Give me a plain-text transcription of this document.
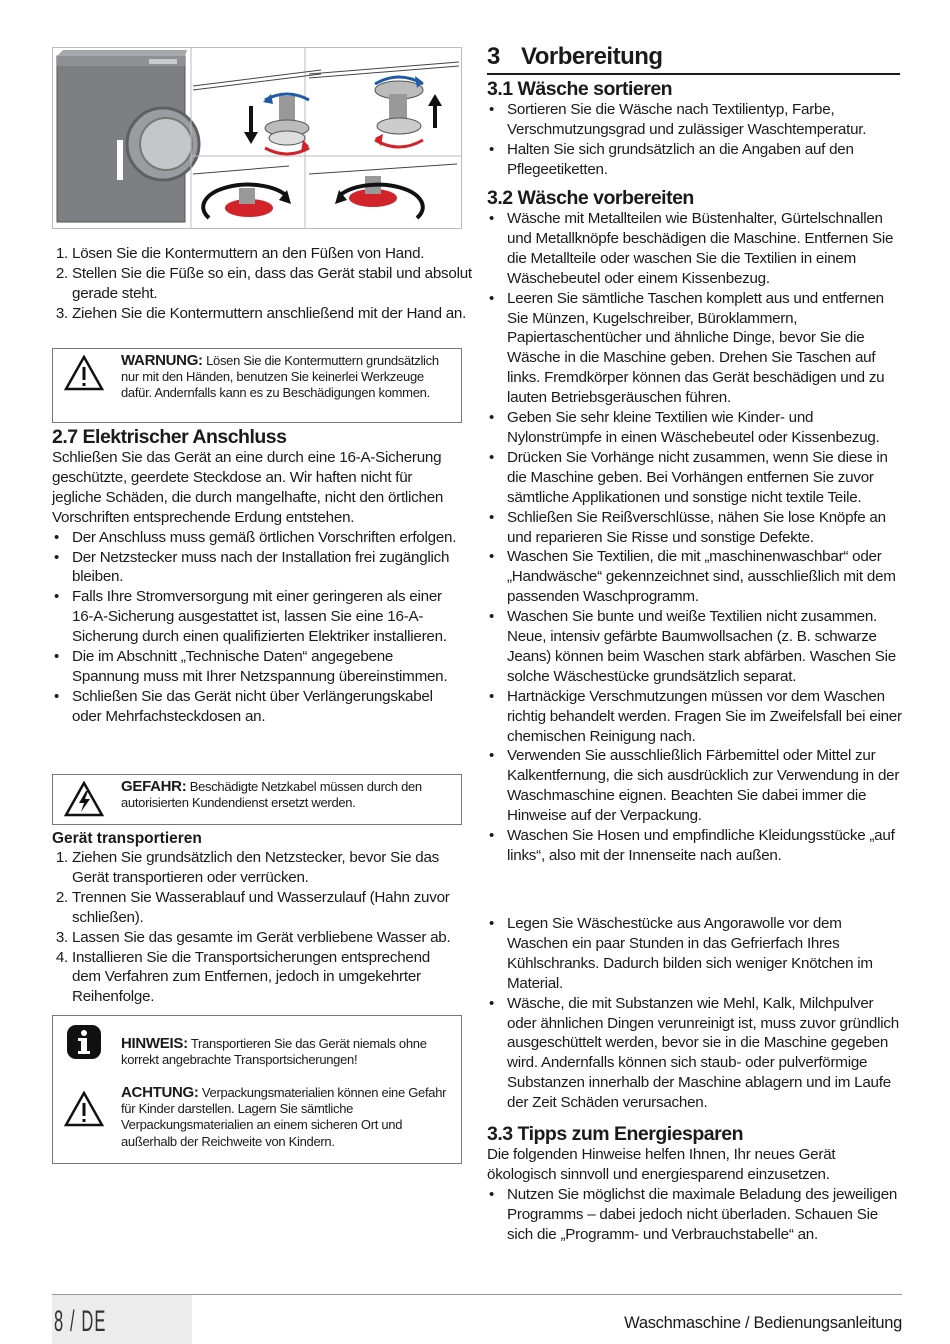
1. Lösen Sie die Kontermuttern an den Füßen von Hand.
2. Stellen Sie die Füße so ein, dass das Gerät stabil und absolut gerade steht.
3. Ziehen Sie die Kontermuttern anschließend mit der Hand an.
WARNUNG: Lösen Sie die Kontermuttern grundsätzlich nur mit den Händen, benutzen Sie keinerlei Werkzeuge dafür. Andernfalls kann es zu Beschädigungen kommen.
2.7 Elektrischer Anschluss

Schließen Sie das Gerät an eine durch eine 16-A-Sicherung geschützte, geerdete Steckdose an. Wir haften nicht für jegliche Schäden, die durch mangelhafte, nicht den örtlichen Vorschriften entsprechende Erdung entstehen.

• Der Anschluss muss gemäß örtlichen Vorschriften erfolgen.
• Der Netzstecker muss nach der Installation frei zugänglich bleiben.
• Falls Ihre Stromversorgung mit einer geringeren als einer 16-A-Sicherung ausgestattet ist, lassen Sie eine 16-A-Sicherung durch einen qualifizierten Elektriker installieren.
• Die im Abschnitt „Technische Daten“ angegebene Spannung muss mit Ihrer Netzspannung übereinstimmen.
• Schließen Sie das Gerät nicht über Verlängerungskabel oder Mehrfachsteckdosen an.
GEFAHR: Beschädigte Netzkabel müssen durch den autorisierten Kundendienst ersetzt werden.
Gerät transportieren
1. Ziehen Sie grundsätzlich den Netzstecker, bevor Sie das Gerät transportieren oder verrücken.
2. Trennen Sie Wasserablauf und Wasserzulauf (Hahn zuvor schließen).
3. Lassen Sie das gesamte im Gerät verbliebene Wasser ab.
4. Installieren Sie die Transportsicherungen entsprechend dem Verfahren zum Entfernen, jedoch in umgekehrter Reihenfolge.
HINWEIS: Transportieren Sie das Gerät niemals ohne korrekt angebrachte Transportsicherungen!
ACHTUNG: Verpackungsmaterialien können eine Gefahr für Kinder darstellen. Lagern Sie sämtliche Verpackungsmaterialien an einem sicheren Ort und außerhalb der Reichweite von Kindern.
3 Vorbereitung
3.1 Wäsche sortieren
• Sortieren Sie die Wäsche nach Textilientyp, Farbe, Verschmutzungsgrad und zulässiger Waschtemperatur.
• Halten Sie sich grundsätzlich an die Angaben auf den Pflegeetiketten.
3.2 Wäsche vorbereiten
• Wäsche mit Metallteilen wie Büstenhalter, Gürtelschnallen und Metallknöpfe beschädigen die Maschine. Entfernen Sie die Metallteile oder waschen Sie die Textilien in einem Wäschebeutel oder einem Kissenbezug.
• Leeren Sie sämtliche Taschen komplett aus und entfernen Sie Münzen, Kugelschreiber, Büroklammern, Papiertaschentücher und ähnliche Dinge, bevor Sie die Wäsche in die Maschine geben. Drehen Sie Taschen auf links. Fremdkörper können das Gerät beschädigen und zu lauten Betriebsgeräuschen führen.
• Geben Sie sehr kleine Textilien wie Kinder- und Nylonstrümpfe in einen Wäschebeutel oder Kissenbezug.
• Drücken Sie Vorhänge nicht zusammen, wenn Sie diese in die Maschine geben. Bei Vorhängen entfernen Sie zuvor sämtliche Applikationen und sonstige nicht textile Teile.
• Schließen Sie Reißverschlüsse, nähen Sie lose Knöpfe an und reparieren Sie Risse und sonstige Defekte.
• Waschen Sie Textilien, die mit „maschinenwaschbar“ oder „Handwäsche“ gekennzeichnet sind, ausschließlich mit dem passenden Waschprogramm.
• Waschen Sie bunte und weiße Textilien nicht zusammen. Neue, intensiv gefärbte Baumwollsachen (z. B. schwarze Jeans) können beim Waschen stark abfärben. Waschen Sie solche Wäschestücke grundsätzlich separat.
• Hartnäckige Verschmutzungen müssen vor dem Waschen richtig behandelt werden. Fragen Sie im Zweifelsfall bei einer chemischen Reinigung nach.
• Verwenden Sie ausschließlich Färbemittel oder Mittel zur Kalkentfernung, die sich ausdrücklich zur Verwendung in der Waschmaschine eignen. Beachten Sie dabei immer die Hinweise auf der Verpackung.
• Waschen Sie Hosen und empfindliche Kleidungsstücke „auf links“, also mit der Innenseite nach außen.
• Legen Sie Wäschestücke aus Angorawolle vor dem Waschen ein paar Stunden in das Gefrierfach Ihres Kühlschranks. Dadurch bilden sich weniger Knötchen im Material.
• Wäsche, die mit Substanzen wie Mehl, Kalk, Milchpulver oder ähnlichen Dingen verunreinigt ist, muss zuvor gründlich ausgeschüttelt werden, bevor sie in die Maschine gegeben wird. Andernfalls können sich staub- oder pulverförmige Substanzen innerhalb der Maschine ablagern und im Laufe der Zeit Schäden verursachen.
3.3 Tipps zum Energiesparen

Die folgenden Hinweise helfen Ihnen, Ihr neues Gerät ökologisch sinnvoll und energiesparend einzusetzen.

• Nutzen Sie möglichst die maximale Beladung des jeweiligen Programms – dabei jedoch nicht überladen. Schauen Sie sich die „Programm- und Verbrauchstabelle“ an.
8 / DE	Waschmaschine / Bedienungsanleitung
